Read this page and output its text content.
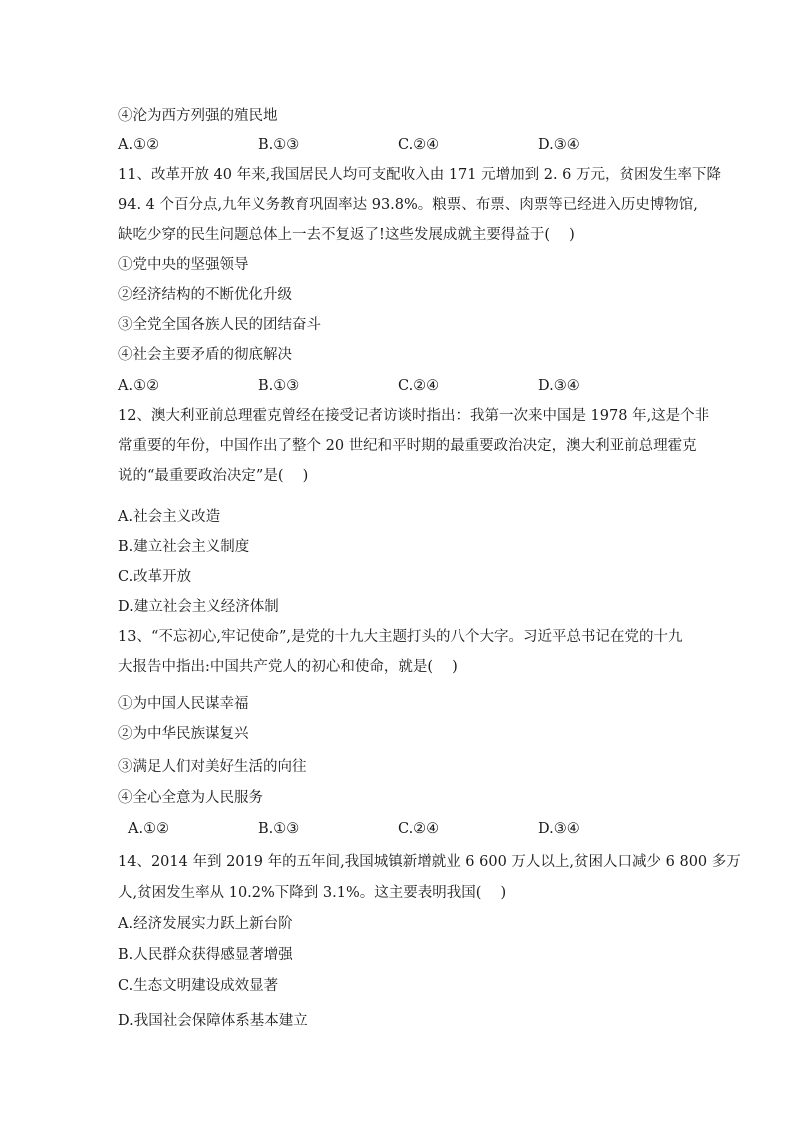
④沦为西方列强的殖民地
A.①②	B.①③	C.②④	D.③④
11、改革开放 40 年来,我国居民人均可支配收入由 171 元增加到 2. 6 万元，贫困发生率下降
94. 4 个百分点,九年义务教育巩固率达 93.8%。粮票、布票、肉票等已经进入历史博物馆,
缺吃少穿的民生问题总体上一去不复返了!这些发展成就主要得益于(　 )
①党中央的坚强领导
②经济结构的不断优化升级
③全党全国各族人民的团结奋斗
④社会主要矛盾的彻底解决
A.①②	B.①③	C.②④	D.③④
12、澳大利亚前总理霍克曾经在接受记者访谈时指出：我第一次来中国是 1978 年,这是个非
常重要的年份，中国作出了整个 20 世纪和平时期的最重要政治决定，澳大利亚前总理霍克
说的“最重要政治决定”是(　 )
A.社会主义改造
B.建立社会主义制度
C.改革开放
D.建立社会主义经济体制
13、“不忘初心,牢记使命”,是党的十九大主题打头的八个大字。习近平总书记在党的十九
大报告中指出:中国共产党人的初心和使命，就是(　 )
①为中国人民谋幸福
②为中华民族谋复兴
③满足人们对美好生活的向往
④全心全意为人民服务
A.①②	B.①③	C.②④	D.③④
14、2014 年到 2019 年的五年间,我国城镇新增就业 6 600 万人以上,贫困人口减少 6 800 多万
人,贫困发生率从 10.2%下降到 3.1%。这主要表明我国(　 )
A.经济发展实力跃上新台阶
B.人民群众获得感显著增强
C.生态文明建设成效显著
D.我国社会保障体系基本建立
